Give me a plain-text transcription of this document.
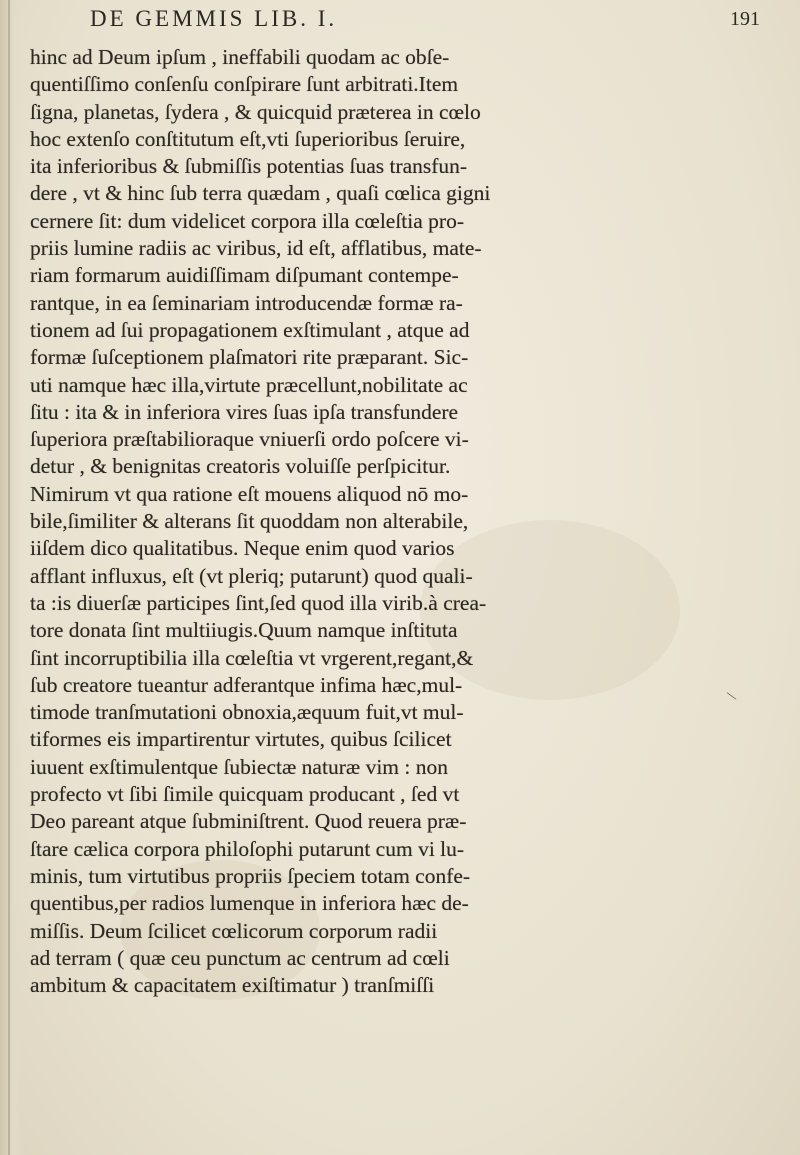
DE GEMMIS LIB. I.	191
hinc ad Deum ipſum , ineffabili quodam ac obſe-
quentiſſimo conſenſu conſpirare ſunt arbitrati.Item
ſigna, planetas, ſydera , & quicquid præterea in cœlo
hoc extenſo conſtitutum eſt,vti ſuperioribus ſeruire,
ita inferioribus & ſubmiſſis potentias ſuas transfun-
dere , vt & hinc ſub terra quædam , quaſi cœlica gigni
cernere ſit: dum videlicet corpora illa cœleſtia pro-
priis lumine radiis ac viribus, id eſt, afflatibus, mate-
riam formarum auidiſſimam diſpumant contempe-
rantque, in ea ſeminariam introducendæ formæ ra-
tionem ad ſui propagationem exſtimulant , atque ad
formæ ſuſceptionem plaſmatori rite præparant. Sic-
uti namque hæc illa,virtute præcellunt,nobilitate ac
ſitu : ita & in inferiora vires ſuas ipſa transfundere
ſuperiora præſtabilioraque vniuerſi ordo poſcere vi-
detur , & benignitas creatoris voluiſſe perſpicitur.
Nimirum vt qua ratione eſt mouens aliquod nō mo-
bile,ſimiliter & alterans ſit quoddam non alterabile,
iiſdem dico qualitatibus. Neque enim quod varios
afflant influxus, eſt (vt pleriq; putarunt) quod quali-
ta :is diuerſæ participes ſint,ſed quod illa virib.à crea-
tore donata ſint multiiugis.Quum namque inſtituta
ſint incorruptibilia illa cœleſtia vt vrgerent,regant,&
ſub creatore tueantur adferantque infima hæc,mul-
timode tranſmutationi obnoxia,æquum fuit,vt mul-
tiformes eis impartirentur virtutes, quibus ſcilicet
iuuent exſtimulentque ſubiectæ naturæ vim : non
profecto vt ſibi ſimile quicquam producant , ſed vt
Deo pareant atque ſubminiſtrent. Quod reuera præ-
ſtare cælica corpora philoſophi putarunt cum vi lu-
minis, tum virtutibus propriis ſpeciem totam confe-
quentibus,per radios lumenque in inferiora hæc de-
miſſis. Deum ſcilicet cœlicorum corporum radii
ad terram ( quæ ceu punctum ac centrum ad cœli
ambitum & capacitatem exiſtimatur ) tranſmiſſi
\
